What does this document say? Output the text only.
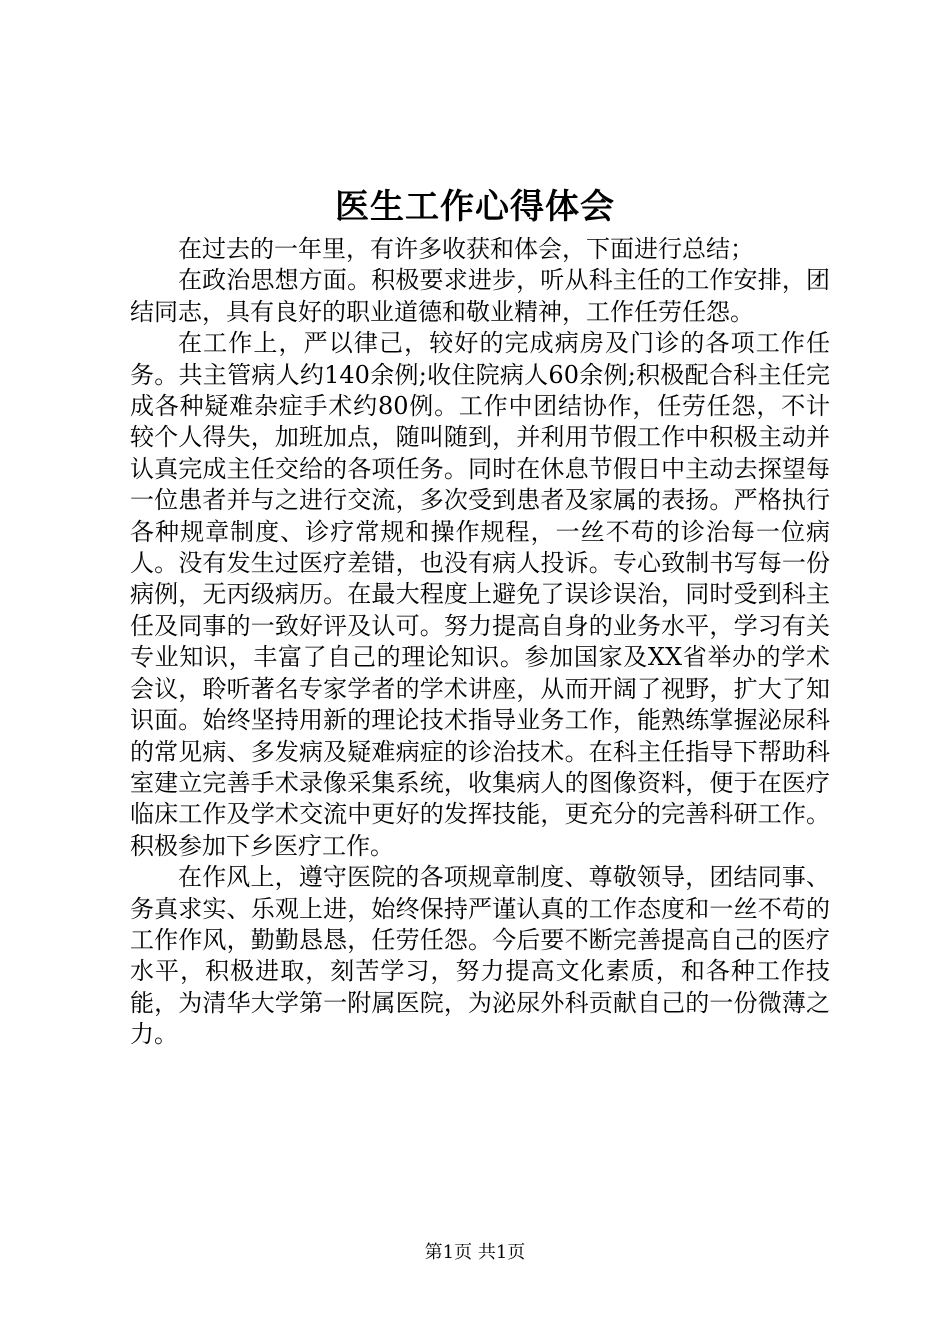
医生工作心得体会

在过去的一年里，有许多收获和体会，下面进行总结；

在政治思想方面。积极要求进步，听从科主任的工作安排，团结同志，具有良好的职业道德和敬业精神，工作任劳任怨。

在工作上，严以律己，较好的完成病房及门诊的各项工作任务。共主管病人约140余例;收住院病人60余例;积极配合科主任完成各种疑难杂症手术约80例。工作中团结协作，任劳任怨，不计较个人得失，加班加点，随叫随到，并利用节假工作中积极主动并认真完成主任交给的各项任务。同时在休息节假日中主动去探望每一位患者并与之进行交流，多次受到患者及家属的表扬。严格执行各种规章制度、诊疗常规和操作规程，一丝不苟的诊治每一位病人。没有发生过医疗差错，也没有病人投诉。专心致制书写每一份病例，无丙级病历。在最大程度上避免了误诊误治，同时受到科主任及同事的一致好评及认可。努力提高自身的业务水平，学习有关专业知识，丰富了自己的理论知识。参加国家及XX省举办的学术会议，聆听著名专家学者的学术讲座，从而开阔了视野，扩大了知识面。始终坚持用新的理论技术指导业务工作，能熟练掌握泌尿科的常见病、多发病及疑难病症的诊治技术。在科主任指导下帮助科室建立完善手术录像采集系统，收集病人的图像资料，便于在医疗临床工作及学术交流中更好的发挥技能，更充分的完善科研工作。积极参加下乡医疗工作。

在作风上，遵守医院的各项规章制度、尊敬领导，团结同事、务真求实、乐观上进，始终保持严谨认真的工作态度和一丝不苟的工作作风，勤勤恳恳，任劳任怨。今后要不断完善提高自己的医疗水平，积极进取，刻苦学习，努力提高文化素质，和各种工作技能，为清华大学第一附属医院，为泌尿外科贡献自己的一份微薄之力。

第1页 共1页
